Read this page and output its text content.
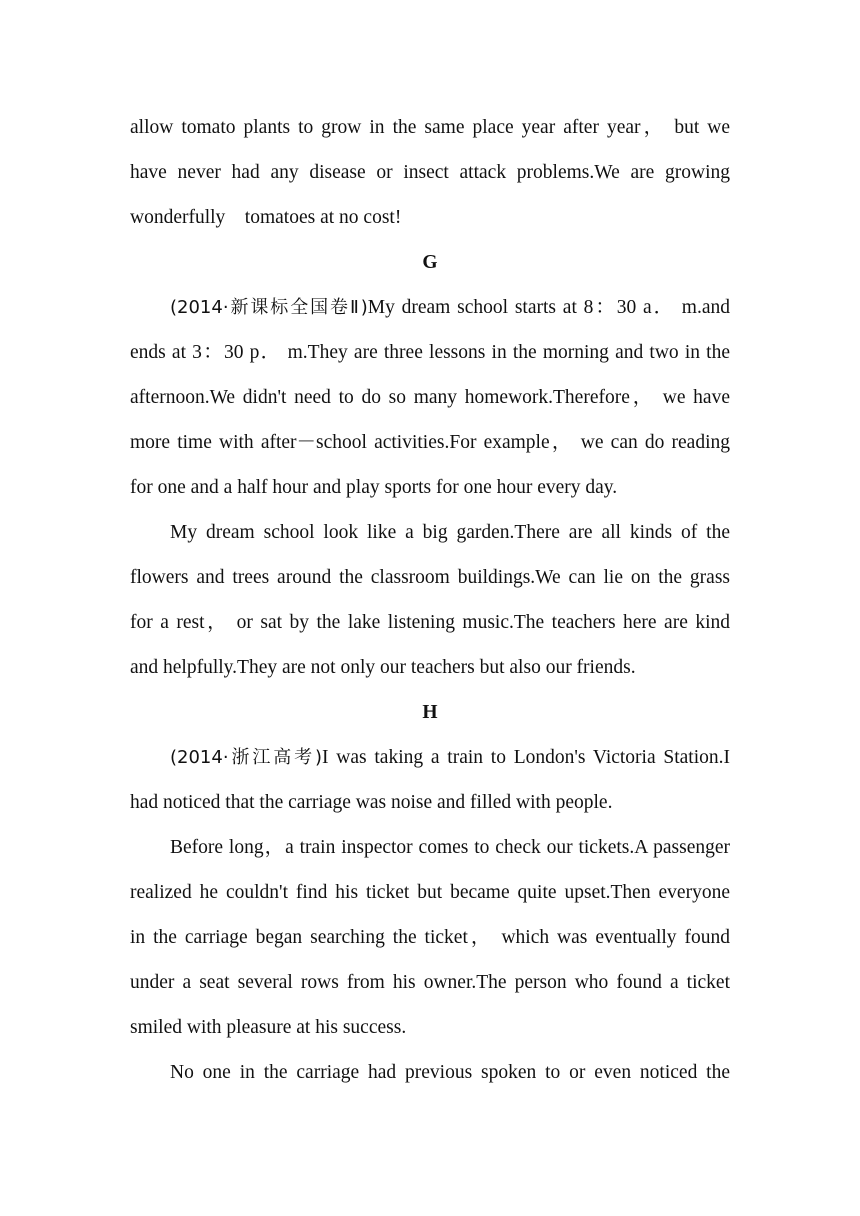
allow tomato plants to grow in the same place year after year， but we
have never had any disease or insect attack problems.We are growing
wonderfully    tomatoes at no cost!
G
(2014·新课标全国卷Ⅱ)My dream school starts at 8：30 a． m.and
ends at 3：30 p． m.They are three lessons in the morning and two in the
afternoon.We didn't need to do so many homework.Therefore， we have
more time with after－school activities.For example， we can do reading
for one and a half hour and play sports for one hour every day.
My dream school look like a big garden.There are all kinds of the
flowers and trees around the classroom buildings.We can lie on the grass
for a rest， or sat by the lake listening music.The teachers here are kind
and helpfully.They are not only our teachers but also our friends.
H
(2014·浙江高考)I was taking a train to London's Victoria Station.I
had noticed that the carriage was noise and filled with people.
Before long，a train inspector comes to check our tickets.A passenger
realized he couldn't find his ticket but became quite upset.Then everyone
in the carriage began searching the ticket， which was eventually found
under a seat several rows from his owner.The person who found a ticket
smiled with pleasure at his success.
No one in the carriage had previous spoken to or even noticed the
